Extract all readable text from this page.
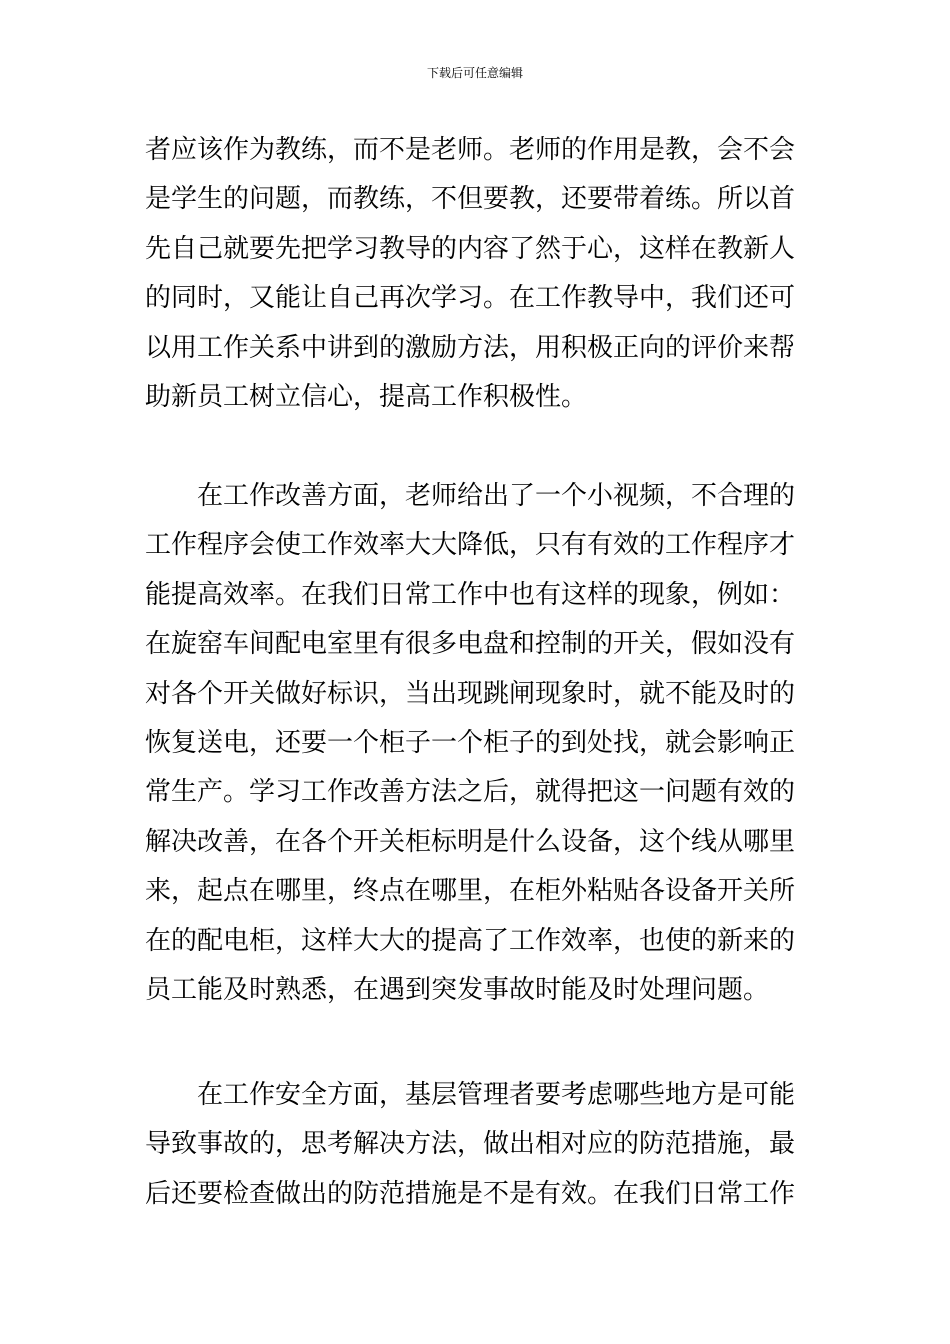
下载后可任意编辑
者应该作为教练，而不是老师。老师的作用是教，会不会
是学生的问题，而教练，不但要教，还要带着练。所以首
先自己就要先把学习教导的内容了然于心，这样在教新人
的同时，又能让自己再次学习。在工作教导中，我们还可
以用工作关系中讲到的激励方法，用积极正向的评价来帮
助新员工树立信心，提高工作积极性。
在工作改善方面，老师给出了一个小视频，不合理的
工作程序会使工作效率大大降低，只有有效的工作程序才
能提高效率。在我们日常工作中也有这样的现象，例如：
在旋窑车间配电室里有很多电盘和控制的开关，假如没有
对各个开关做好标识，当出现跳闸现象时，就不能及时的
恢复送电，还要一个柜子一个柜子的到处找，就会影响正
常生产。学习工作改善方法之后，就得把这一问题有效的
解决改善，在各个开关柜标明是什么设备，这个线从哪里
来，起点在哪里，终点在哪里，在柜外粘贴各设备开关所
在的配电柜，这样大大的提高了工作效率，也使的新来的
员工能及时熟悉，在遇到突发事故时能及时处理问题。
在工作安全方面，基层管理者要考虑哪些地方是可能
导致事故的，思考解决方法，做出相对应的防范措施，最
后还要检查做出的防范措施是不是有效。在我们日常工作
